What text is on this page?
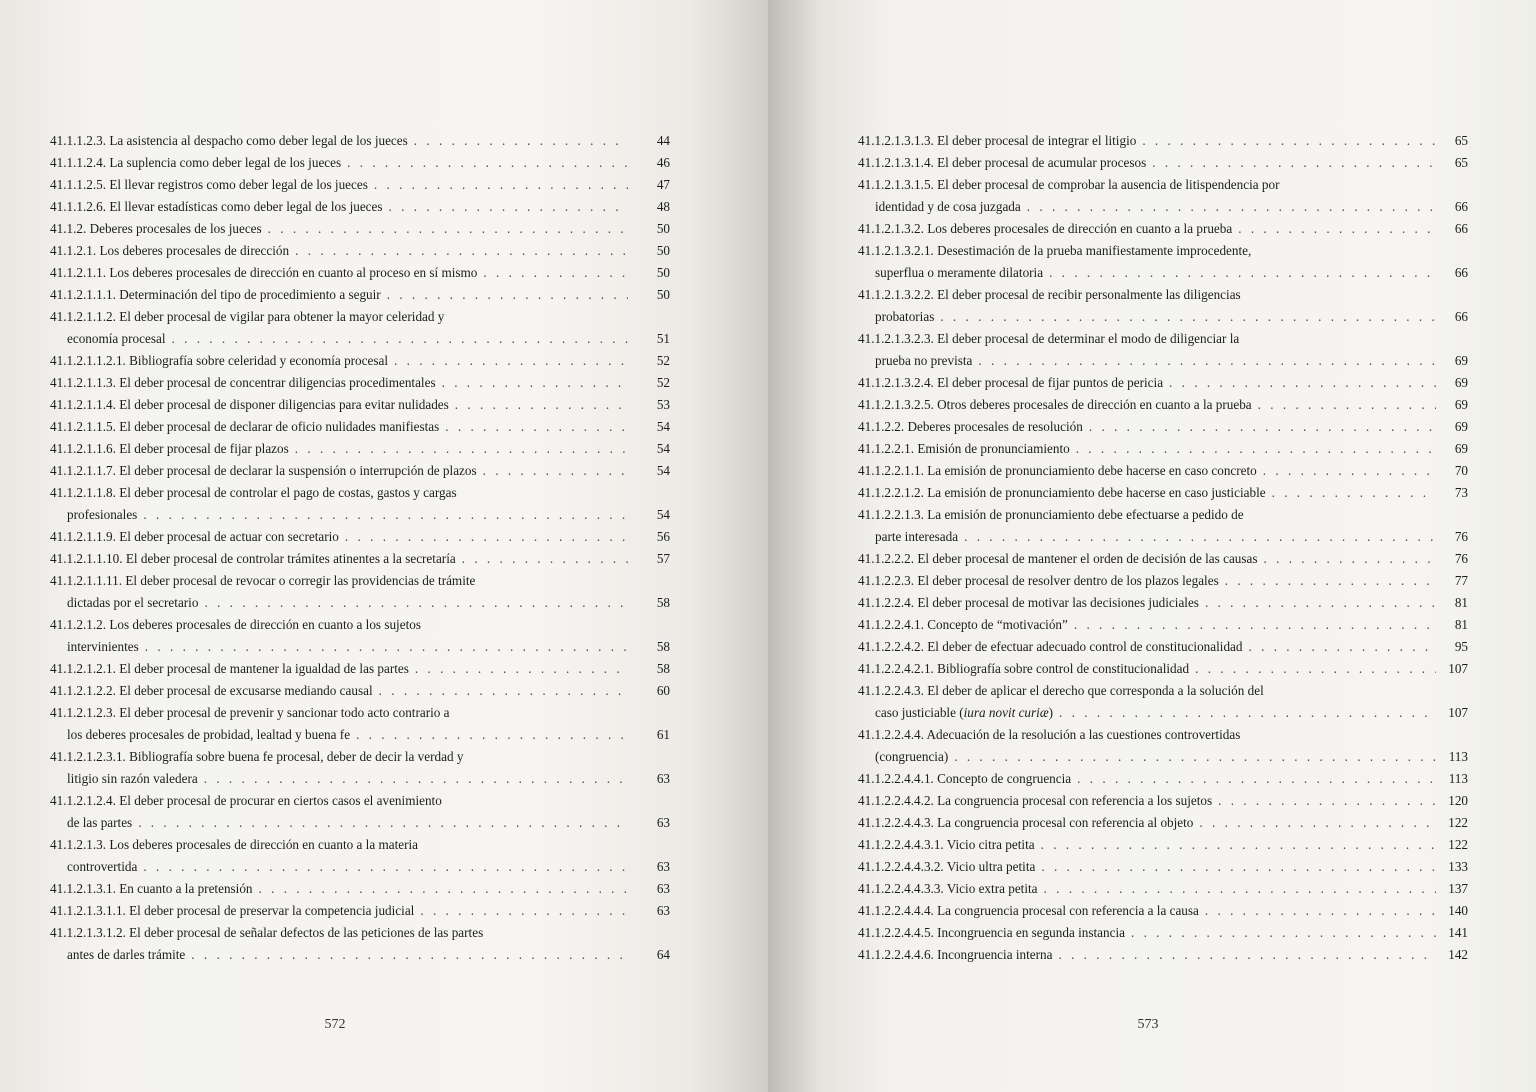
41.1.1.2.3. La asistencia al despacho como deber legal de los jueces . . .	44
41.1.1.2.4. La suplencia como deber legal de los jueces . . .	46
41.1.1.2.5. El llevar registros como deber legal de los jueces . . .	47
41.1.1.2.6. El llevar estadísticas como deber legal de los jueces . . .	48
41.1.2. Deberes procesales de los jueces . . .	50
41.1.2.1. Los deberes procesales de dirección . . .	50
41.1.2.1.1. Los deberes procesales de dirección en cuanto al proceso en sí mismo . . .	50
41.1.2.1.1.1. Determinación del tipo de procedimiento a seguir . . .	50
41.1.2.1.1.2. El deber procesal de vigilar para obtener la mayor celeridad y
economía procesal . . .	51
41.1.2.1.1.2.1. Bibliografía sobre celeridad y economía procesal . . .	52
41.1.2.1.1.3. El deber procesal de concentrar diligencias procedimentales . . .	52
41.1.2.1.1.4. El deber procesal de disponer diligencias para evitar nulidades . . .	53
41.1.2.1.1.5. El deber procesal de declarar de oficio nulidades manifiestas . . .	54
41.1.2.1.1.6. El deber procesal de fijar plazos . . .	54
41.1.2.1.1.7. El deber procesal de declarar la suspensión o interrupción de plazos . . .	54
41.1.2.1.1.8. El deber procesal de controlar el pago de costas, gastos y cargas
profesionales . . .	54
41.1.2.1.1.9. El deber procesal de actuar con secretario . . .	56
41.1.2.1.1.10. El deber procesal de controlar trámites atinentes a la secretaría . . .	57
41.1.2.1.1.11. El deber procesal de revocar o corregir las providencias de trámite
dictadas por el secretario . . .	58
41.1.2.1.2. Los deberes procesales de dirección en cuanto a los sujetos
intervinientes . . .	58
41.1.2.1.2.1. El deber procesal de mantener la igualdad de las partes . . .	58
41.1.2.1.2.2. El deber procesal de excusarse mediando causal . . .	60
41.1.2.1.2.3. El deber procesal de prevenir y sancionar todo acto contrario a
los deberes procesales de probidad, lealtad y buena fe . . .	61
41.1.2.1.2.3.1. Bibliografía sobre buena fe procesal, deber de decir la verdad y
litigio sin razón valedera . . .	63
41.1.2.1.2.4. El deber procesal de procurar en ciertos casos el avenimiento
de las partes . . .	63
41.1.2.1.3. Los deberes procesales de dirección en cuanto a la materia
controvertida . . .	63
41.1.2.1.3.1. En cuanto a la pretensión . . .	63
41.1.2.1.3.1.1. El deber procesal de preservar la competencia judicial . . .	63
41.1.2.1.3.1.2. El deber procesal de señalar defectos de las peticiones de las partes
antes de darles trámite . . .	64
572
41.1.2.1.3.1.3. El deber procesal de integrar el litigio . . .	65
41.1.2.1.3.1.4. El deber procesal de acumular procesos . . .	65
41.1.2.1.3.1.5. El deber procesal de comprobar la ausencia de litispendencia por
identidad y de cosa juzgada . . .	66
41.1.2.1.3.2. Los deberes procesales de dirección en cuanto a la prueba . . .	66
41.1.2.1.3.2.1. Desestimación de la prueba manifiestamente improcedente,
superflua o meramente dilatoria . . .	66
41.1.2.1.3.2.2. El deber procesal de recibir personalmente las diligencias
probatorias . . .	66
41.1.2.1.3.2.3. El deber procesal de determinar el modo de diligenciar la
prueba no prevista . . .	69
41.1.2.1.3.2.4. El deber procesal de fijar puntos de pericia . . .	69
41.1.2.1.3.2.5. Otros deberes procesales de dirección en cuanto a la prueba . . .	69
41.1.2.2. Deberes procesales de resolución . . .	69
41.1.2.2.1. Emisión de pronunciamiento . . .	69
41.1.2.2.1.1. La emisión de pronunciamiento debe hacerse en caso concreto . . .	70
41.1.2.2.1.2. La emisión de pronunciamiento debe hacerse en caso justiciable . . .	73
41.1.2.2.1.3. La emisión de pronunciamiento debe efectuarse a pedido de
parte interesada . . .	76
41.1.2.2.2. El deber procesal de mantener el orden de decisión de las causas . . .	76
41.1.2.2.3. El deber procesal de resolver dentro de los plazos legales . . .	77
41.1.2.2.4. El deber procesal de motivar las decisiones judiciales . . .	81
41.1.2.2.4.1. Concepto de “motivación” . . .	81
41.1.2.2.4.2. El deber de efectuar adecuado control de constitucionalidad . . .	95
41.1.2.2.4.2.1. Bibliografía sobre control de constitucionalidad . . .	107
41.1.2.2.4.3. El deber de aplicar el derecho que corresponda a la solución del
caso justiciable (iura novit curiæ) . . .	107
41.1.2.2.4.4. Adecuación de la resolución a las cuestiones controvertidas
(congruencia) . . .	113
41.1.2.2.4.4.1. Concepto de congruencia . . .	113
41.1.2.2.4.4.2. La congruencia procesal con referencia a los sujetos . . .	120
41.1.2.2.4.4.3. La congruencia procesal con referencia al objeto . . .	122
41.1.2.2.4.4.3.1. Vicio citra petita . . .	122
41.1.2.2.4.4.3.2. Vicio ultra petita . . .	133
41.1.2.2.4.4.3.3. Vicio extra petita . . .	137
41.1.2.2.4.4.4. La congruencia procesal con referencia a la causa . . .	140
41.1.2.2.4.4.5. Incongruencia en segunda instancia . . .	141
41.1.2.2.4.4.6. Incongruencia interna . . .	142
573
